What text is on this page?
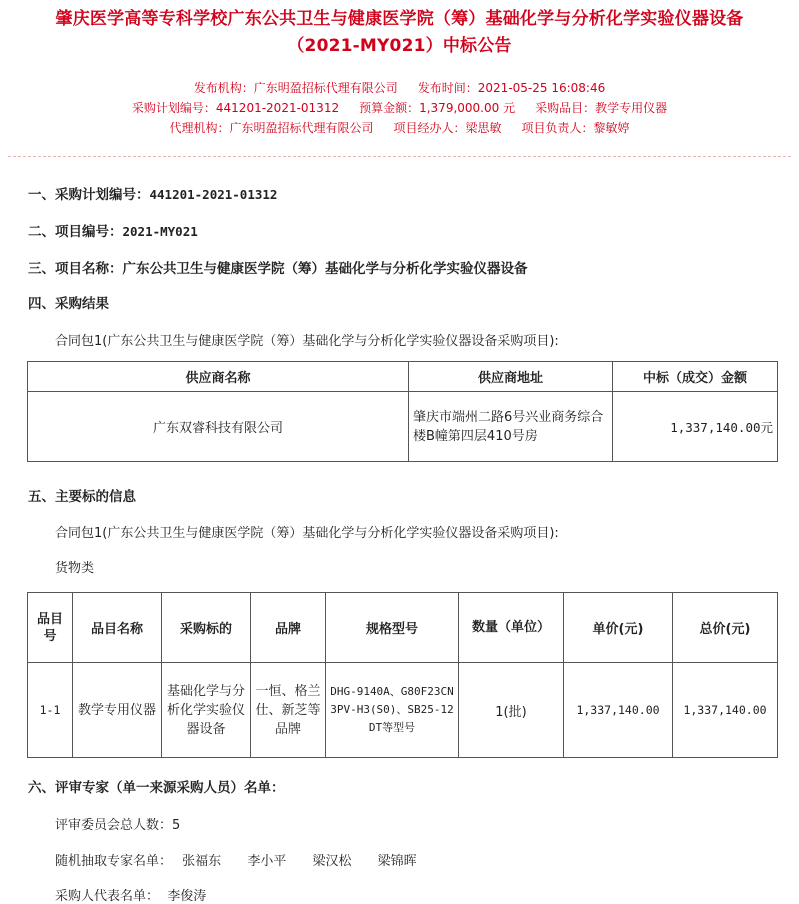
肇庆医学高等专科学校广东公共卫生与健康医学院（筹）基础化学与分析化学实验仪器设备
（2021-MY021）中标公告
发布机构：广东明盈招标代理有限公司 发布时间：2021-05-25 16:08:46
采购计划编号：441201-2021-01312 预算金额：1,379,000.00 元 采购品目：教学专用仪器
代理机构：广东明盈招标代理有限公司 项目经办人：梁思敏 项目负责人：黎敏婷
一、采购计划编号：441201-2021-01312
二、项目编号：2021-MY021
三、项目名称：广东公共卫生与健康医学院（筹）基础化学与分析化学实验仪器设备
四、采购结果
合同包1(广东公共卫生与健康医学院（筹）基础化学与分析化学实验仪器设备采购项目):
供应商名称	供应商地址	中标（成交）金额
广东双睿科技有限公司	肇庆市端州二路6号兴业商务综合楼B幢第四层410号房	1,337,140.00元
五、主要标的信息
合同包1(广东公共卫生与健康医学院（筹）基础化学与分析化学实验仪器设备采购项目):
货物类
品目号	品目名称	采购标的	品牌	规格型号	数量（单位）	单价(元)	总价(元)
1-1	教学专用仪器	基础化学与分析化学实验仪器设备	一恒、格兰仕、新芝等品牌	DHG-9140A、G80F23CN3PV-H3(S0)、SB25-12DT等型号	1(批)	1,337,140.00	1,337,140.00
六、评审专家（单一来源采购人员）名单：
评审委员会总人数：5
随机抽取专家名单： 张福东 李小平 梁汉松 梁锦晖
采购人代表名单：  李俊涛
